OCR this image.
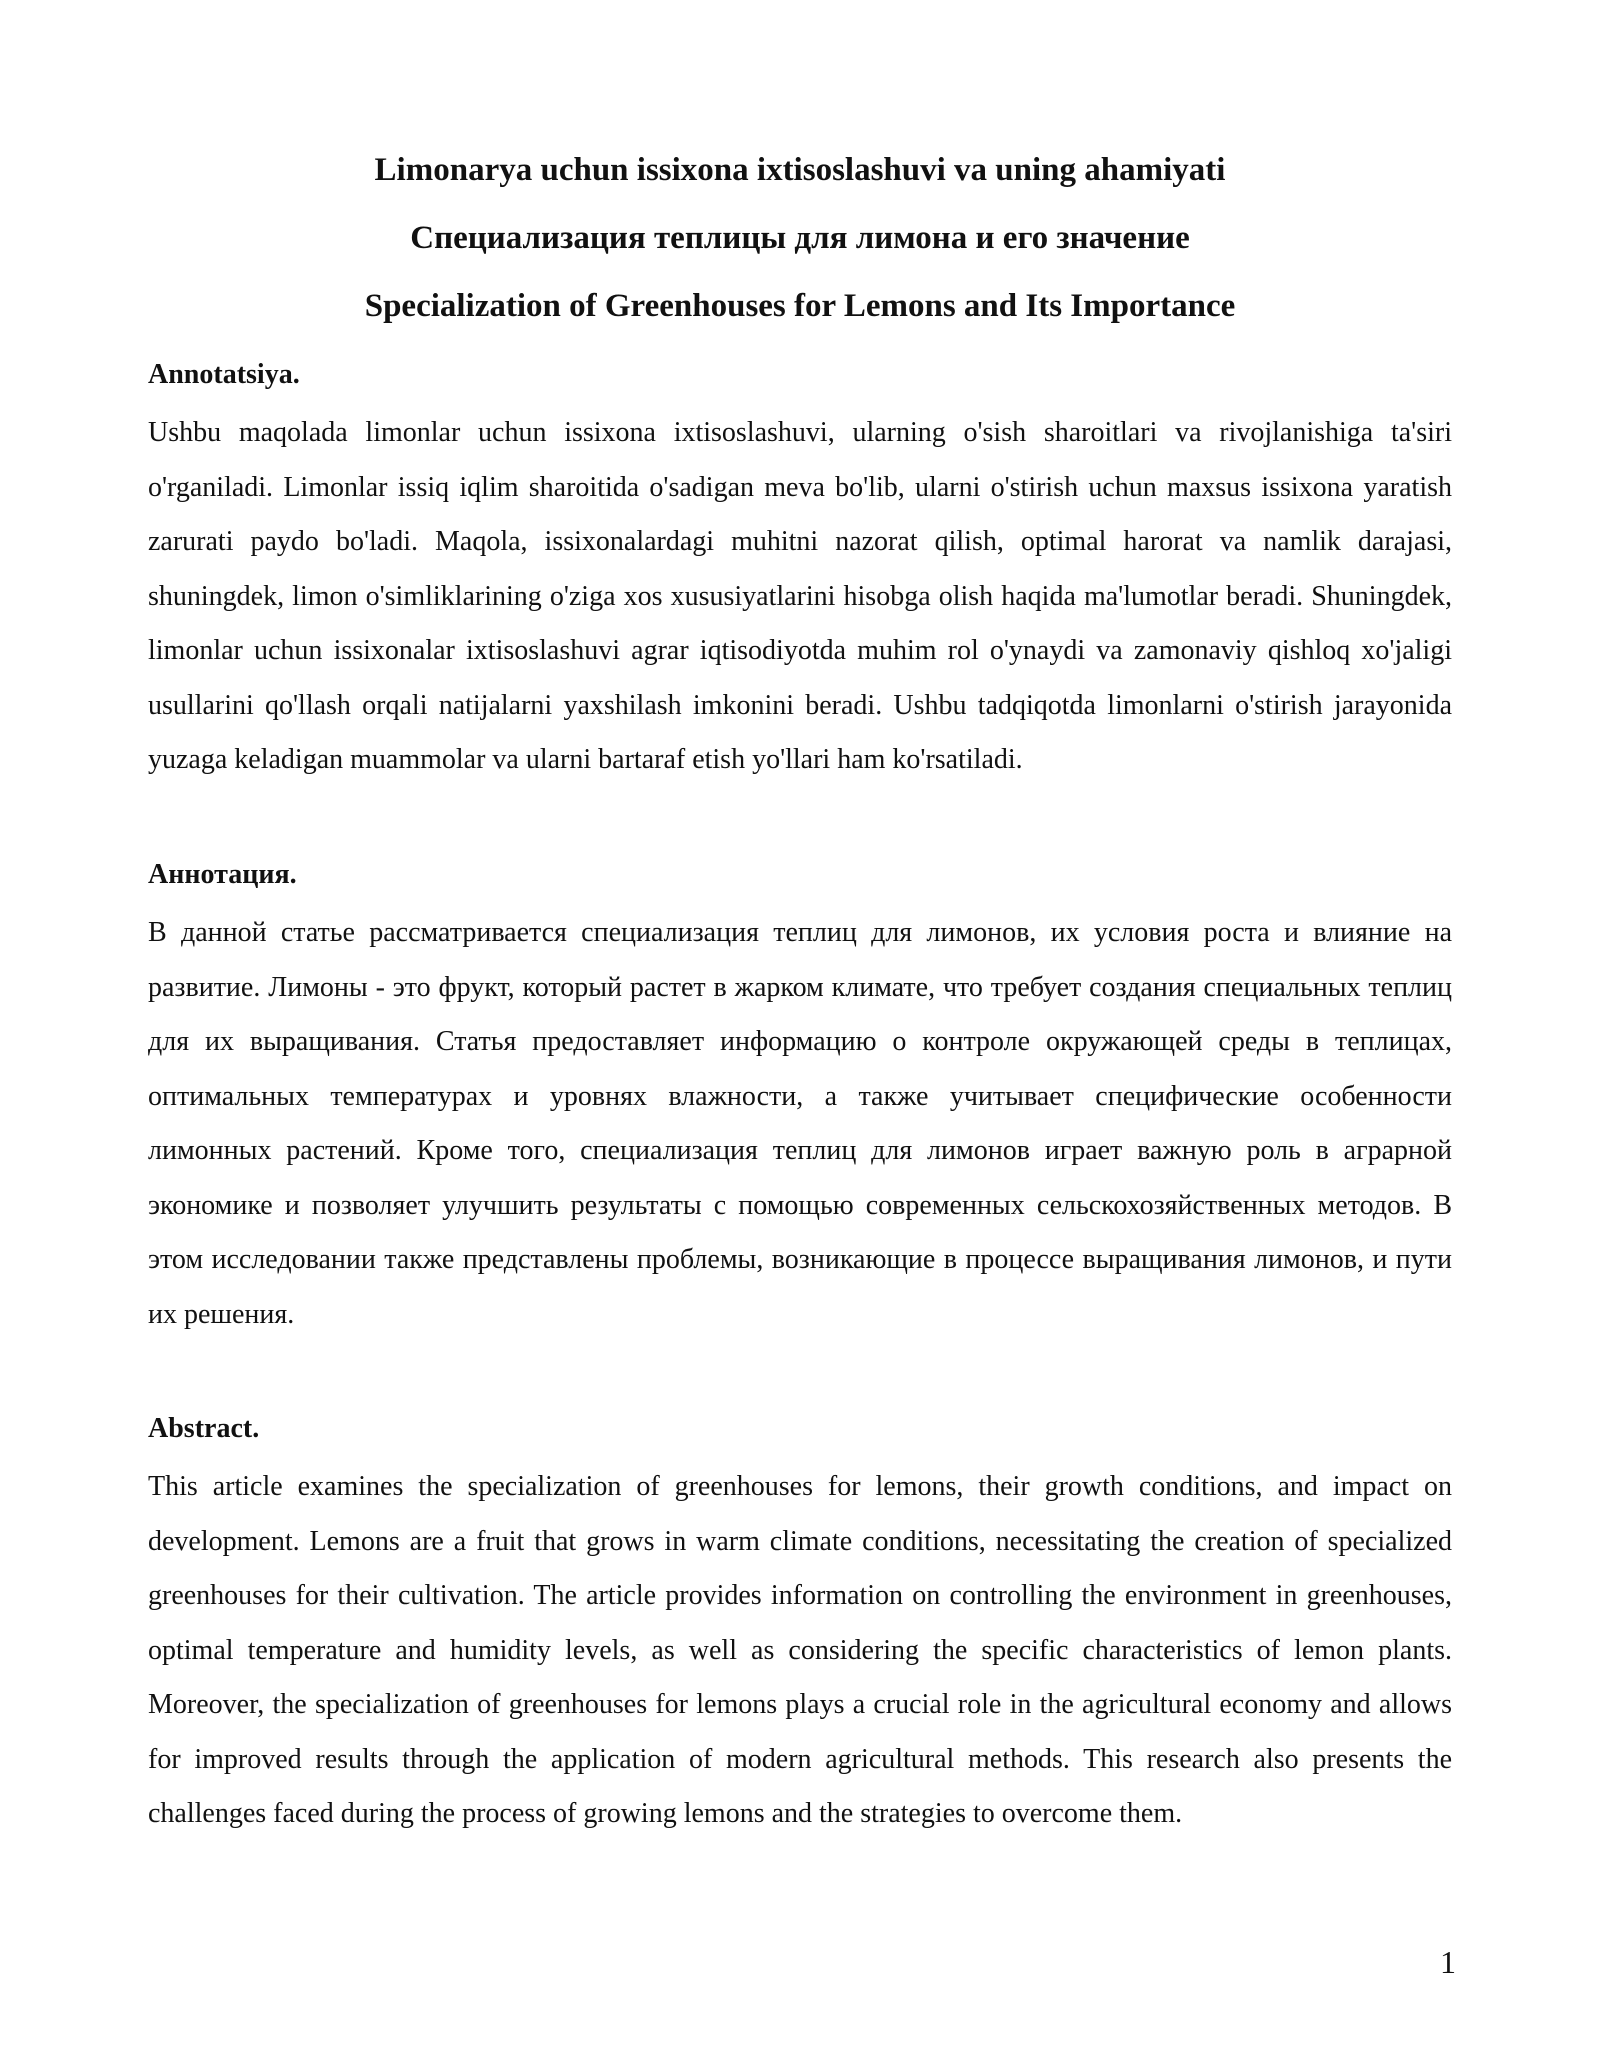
Limonarya uchun issixona ixtisoslashuvi va uning ahamiyati
Специализация теплицы для лимона и его значение
Specialization of Greenhouses for Lemons and Its Importance
Annotatsiya.

Ushbu maqolada limonlar uchun issixona ixtisoslashuvi, ularning o'sish sharoitlari va rivojlanishiga ta'siri o'rganiladi. Limonlar issiq iqlim sharoitida o'sadigan meva bo'lib, ularni o'stirish uchun maxsus issixona yaratish zarurati paydo bo'ladi. Maqola, issixonalardagi muhitni nazorat qilish, optimal harorat va namlik darajasi, shuningdek, limon o'simliklarining o'ziga xos xususiyatlarini hisobga olish haqida ma'lumotlar beradi. Shuningdek, limonlar uchun issixonalar ixtisoslashuvi agrar iqtisodiyotda muhim rol o'ynaydi va zamonaviy qishloq xo'jaligi usullarini qo'llash orqali natijalarni yaxshilash imkonini beradi. Ushbu tadqiqotda limonlarni o'stirish jarayonida yuzaga keladigan muammolar va ularni bartaraf etish yo'llari ham ko'rsatiladi.

Аннотация.

В данной статье рассматривается специализация теплиц для лимонов, их условия роста и влияние на развитие. Лимоны - это фрукт, который растет в жарком климате, что требует создания специальных теплиц для их выращивания. Статья предоставляет информацию о контроле окружающей среды в теплицах, оптимальных температурах и уровнях влажности, а также учитывает специфические особенности лимонных растений. Кроме того, специализация теплиц для лимонов играет важную роль в аграрной экономике и позволяет улучшить результаты с помощью современных сельскохозяйственных методов. В этом исследовании также представлены проблемы, возникающие в процессе выращивания лимонов, и пути их решения.

Abstract.

This article examines the specialization of greenhouses for lemons, their growth conditions, and impact on development. Lemons are a fruit that grows in warm climate conditions, necessitating the creation of specialized greenhouses for their cultivation. The article provides information on controlling the environment in greenhouses, optimal temperature and humidity levels, as well as considering the specific characteristics of lemon plants. Moreover, the specialization of greenhouses for lemons plays a crucial role in the agricultural economy and allows for improved results through the application of modern agricultural methods. This research also presents the challenges faced during the process of growing lemons and the strategies to overcome them.

1
